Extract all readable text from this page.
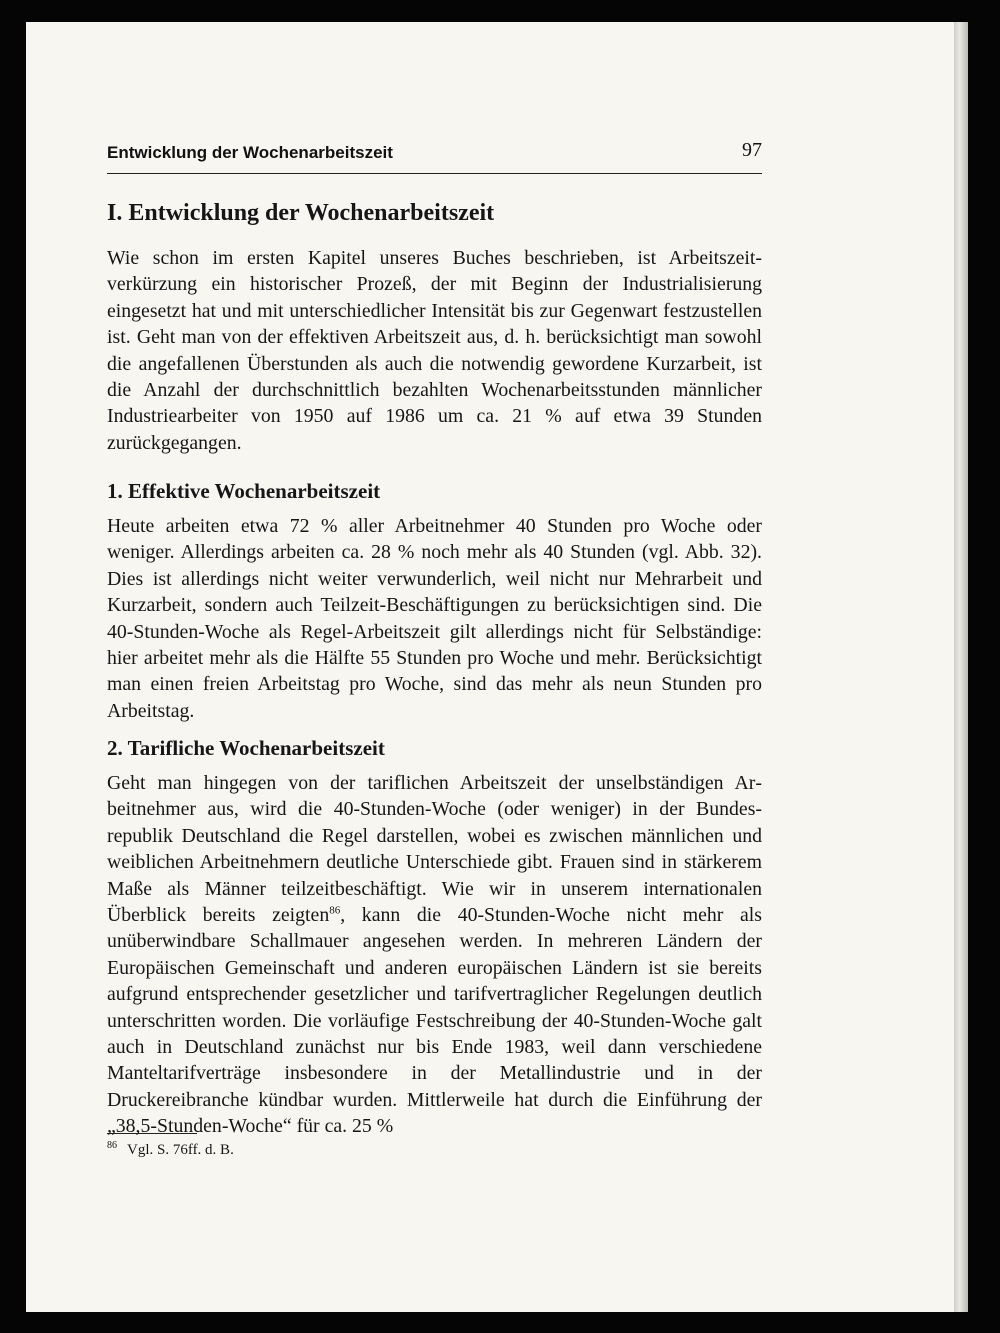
Entwicklung der Wochenarbeitszeit	97
I. Entwicklung der Wochenarbeitszeit

Wie schon im ersten Kapitel unseres Buches beschrieben, ist Arbeitszeitverkürzung ein historischer Prozeß, der mit Beginn der Industrialisierung eingesetzt hat und mit unterschiedlicher Intensität bis zur Gegenwart festzustellen ist. Geht man von der effektiven Arbeitszeit aus, d. h. berücksichtigt man sowohl die angefallenen Überstunden als auch die notwendig gewordene Kurzarbeit, ist die Anzahl der durchschnittlich bezahlten Wochenarbeitsstunden männlicher Industriearbeiter von 1950 auf 1986 um ca. 21 % auf etwa 39 Stunden zurückgegangen.

1. Effektive Wochenarbeitszeit

Heute arbeiten etwa 72 % aller Arbeitnehmer 40 Stunden pro Woche oder weniger. Allerdings arbeiten ca. 28 % noch mehr als 40 Stunden (vgl. Abb. 32). Dies ist allerdings nicht weiter verwunderlich, weil nicht nur Mehrarbeit und Kurzarbeit, sondern auch Teilzeit-Beschäftigungen zu berücksichtigen sind. Die 40-Stunden-Woche als Regel-Arbeitszeit gilt allerdings nicht für Selbständige: hier arbeitet mehr als die Hälfte 55 Stunden pro Woche und mehr. Berücksichtigt man einen freien Arbeitstag pro Woche, sind das mehr als neun Stunden pro Arbeitstag.

2. Tarifliche Wochenarbeitszeit

Geht man hingegen von der tariflichen Arbeitszeit der unselbständigen Arbeitnehmer aus, wird die 40-Stunden-Woche (oder weniger) in der Bundesrepublik Deutschland die Regel darstellen, wobei es zwischen männlichen und weiblichen Arbeitnehmern deutliche Unterschiede gibt. Frauen sind in stärkerem Maße als Männer teilzeitbeschäftigt. Wie wir in unserem internationalen Überblick bereits zeigten$^{86}$, kann die 40-Stunden-Woche nicht mehr als unüberwindbare Schallmauer angesehen werden. In mehreren Ländern der Europäischen Gemeinschaft und anderen europäischen Ländern ist sie bereits aufgrund entsprechender gesetzlicher und tarifvertraglicher Regelungen deutlich unterschritten worden. Die vorläufige Festschreibung der 40-Stunden-Woche galt auch in Deutschland zunächst nur bis Ende 1983, weil dann verschiedene Manteltarifverträge insbesondere in der Metallindustrie und in der Druckereibranche kündbar wurden. Mittlerweile hat durch die Einführung der „38,5-Stunden-Woche“ für ca. 25 %

$^{86}$ Vgl. S. 76ff. d. B.
